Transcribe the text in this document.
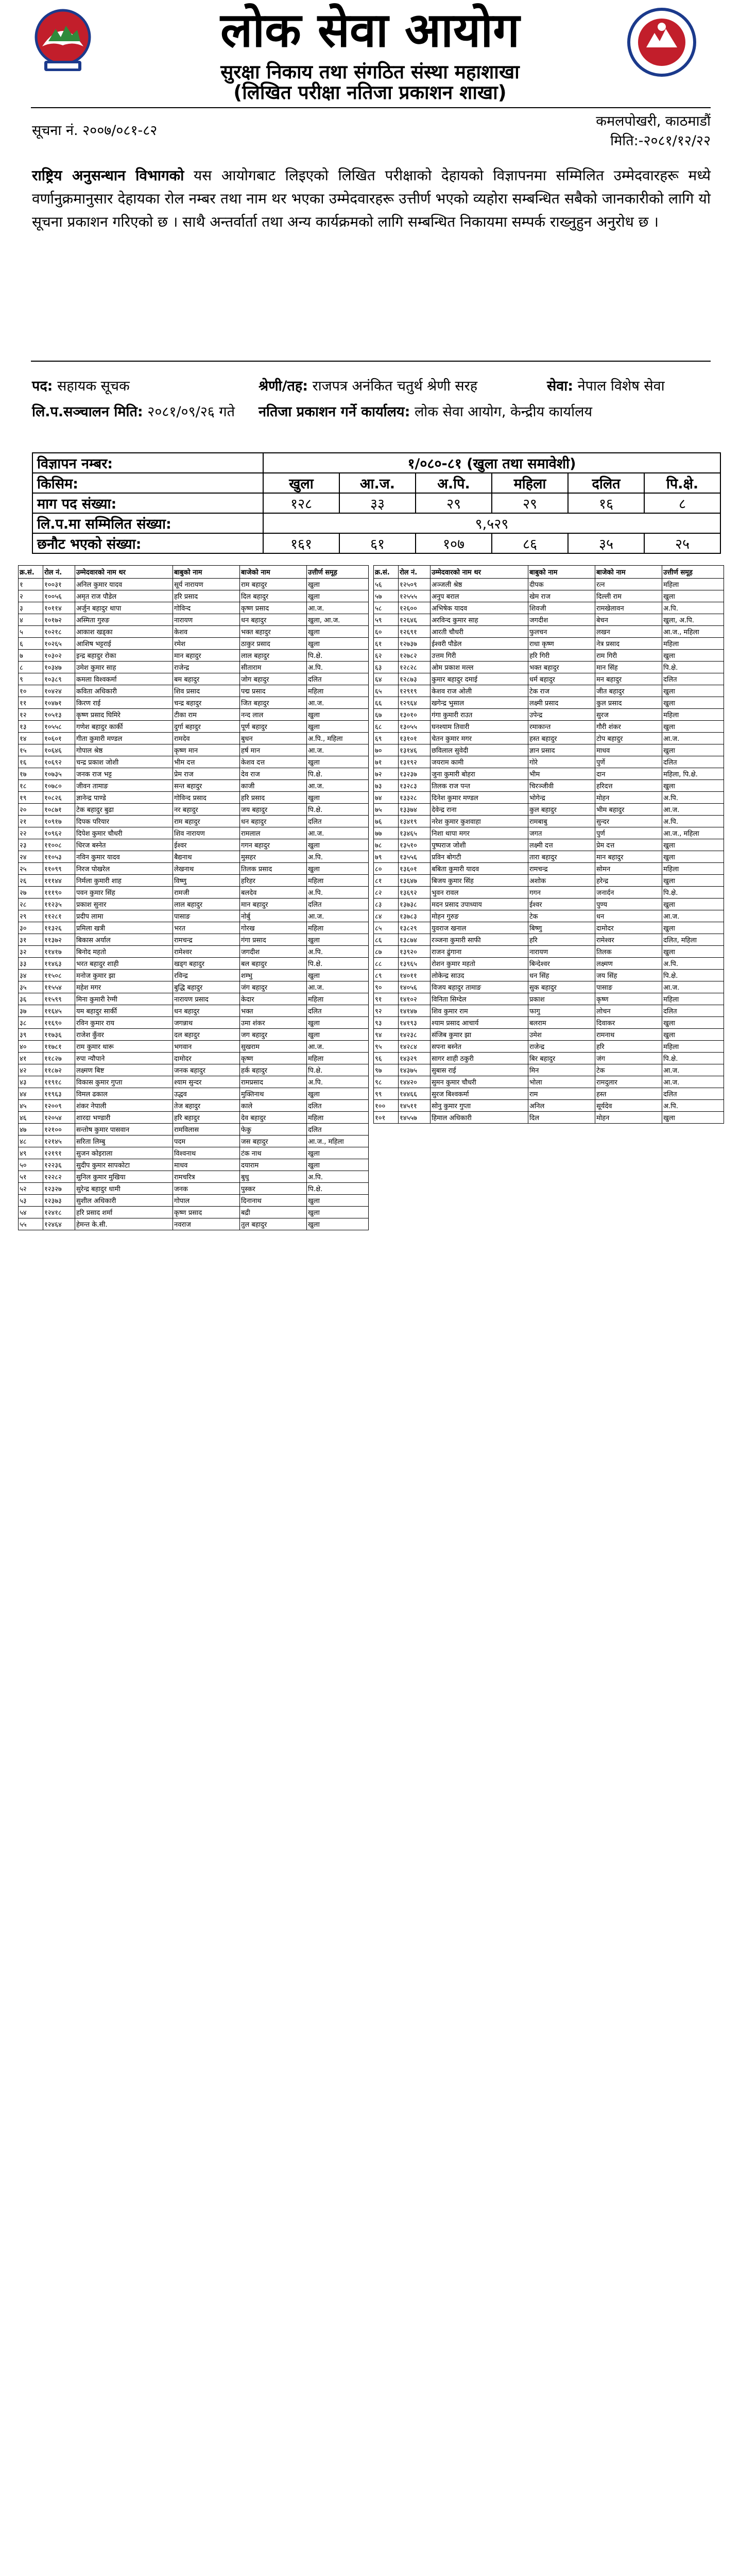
लोक सेवा आयोग
सुरक्षा निकाय तथा संगठित संस्था महाशाखा
(लिखित परीक्षा नतिजा प्रकाशन शाखा)
सूचना नं. २००७/०८१-८२
कमलपोखरी, काठमाडौं
मिति:-२०८१/१२/२२
राष्ट्रिय अनुसन्धान विभागको यस आयोगबाट लिइएको लिखित परीक्षाको देहायको विज्ञापनमा सम्मिलित उम्मेदवारहरू मध्ये वर्णानुक्रमानुसार देहायका रोल नम्बर तथा नाम थर भएका उम्मेदवारहरू उत्तीर्ण भएको व्यहोरा सम्बन्धित सबैको जानकारीको लागि यो सूचना प्रकाशन गरिएको छ । साथै अन्तर्वार्ता तथा अन्य कार्यक्रमको लागि सम्बन्धित निकायमा सम्पर्क राख्नुहुन अनुरोध छ ।
पद: सहायक सूचक	श्रेणी/तह: राजपत्र अनंकित चतुर्थ श्रेणी सरह	सेवा: नेपाल विशेष सेवा
लि.प.सञ्चालन मिति: २०८१/०९/२६ गते नतिजा प्रकाशन गर्ने कार्यालय: लोक सेवा आयोग, केन्द्रीय कार्यालय
विज्ञापन नम्बर:	१/०८०-८१ (खुला तथा समावेशी)					
किसिम:	खुला	आ.ज.	अ.पि.	महिला	दलित	पि.क्षे.
माग पद संख्या:	१२८	३३	२९	२९	१६	८
लि.प.मा सम्मिलित संख्या:	९,५२९					
छनौट भएको संख्या:	१६१	६१	१०७	८६	३५	२५
क्र.सं.	रोल नं.	उम्मेदवारको नाम थर	बाबुको नाम	बाजेको नाम	उत्तीर्ण समूह
१	१००३१	अनिल कुमार यादव	सूर्य नारायण	राम बहादुर	खुला
२	१००५६	अमृत राज पौडेल	हरि प्रसाद	दिल बहादुर	खुला
३	१०११४	अर्जुन बहादुर थापा	गोविन्द	कृष्ण प्रसाद	आ.ज.
४	१०१७२	अस्मिता गुरुङ	नारायण	धन बहादुर	खुला, आ.ज.
५	१०२१८	आकाश खड्का	केशव	भक्त बहादुर	खुला
६	१०२६५	आशिष भट्टराई	रमेश	ठाकुर प्रसाद	खुला
७	१०३०२	इन्द्र बहादुर रोका	मान बहादुर	लाल बहादुर	पि.क्षे.
८	१०३४७	उमेश कुमार साह	राजेन्द्र	सीताराम	अ.पि.
९	१०३८९	कमला विश्वकर्मा	बम बहादुर	जोग बहादुर	दलित
१०	१०४२४	कविता अधिकारी	शिव प्रसाद	पद्म प्रसाद	महिला
११	१०४७१	किरण राई	चन्द्र बहादुर	जित बहादुर	आ.ज.
१२	१०५१३	कृष्ण प्रसाद घिमिरे	टीका राम	नन्द लाल	खुला
१३	१०५५८	गणेश बहादुर कार्की	दुर्गा बहादुर	पूर्ण बहादुर	खुला
१४	१०६०१	गीता कुमारी मण्डल	रामदेव	बुधन	अ.पि., महिला
१५	१०६४६	गोपाल श्रेष्ठ	कृष्ण मान	हर्ष मान	आ.ज.
१६	१०६९२	चन्द्र प्रकाश जोशी	भीम दत्त	केशव दत्त	खुला
१७	१०७३५	जनक राज भट्ट	प्रेम राज	देव राज	पि.क्षे.
१८	१०७८०	जीवन तामाङ	सन्त बहादुर	काजी	आ.ज.
१९	१०८२६	ज्ञानेन्द्र पाण्डे	गोविन्द प्रसाद	हरि प्रसाद	खुला
२०	१०८७१	टेक बहादुर बुढा	नर बहादुर	जय बहादुर	पि.क्षे.
२१	१०९१७	दिपक परियार	राम बहादुर	धन बहादुर	दलित
२२	१०९६२	दिपेश कुमार चौधरी	शिव नारायण	रामलाल	आ.ज.
२३	११००८	धिरज बस्नेत	ईश्वर	गगन बहादुर	खुला
२४	११०५३	नविन कुमार यादव	बैद्यनाथ	मुसहर	अ.पि.
२५	११०९९	निरज पोखरेल	लेखनाथ	तिलक प्रसाद	खुला
२६	१११४४	निर्मला कुमारी शाह	विष्णु	हरिहर	महिला
२७	१११९०	पवन कुमार सिंह	रामजी	बलदेव	अ.पि.
२८	११२३५	प्रकाश सुनार	लाल बहादुर	मान बहादुर	दलित
२९	११२८१	प्रदीप लामा	पासाङ	नोर्बु	आ.ज.
३०	११३२६	प्रमिला खत्री	भरत	गोरख	महिला
३१	११३७२	बिकास अर्याल	रामचन्द्र	गंगा प्रसाद	खुला
३२	११४१७	बिनोद महतो	रामेश्वर	जगदीश	अ.पि.
३३	११४६३	भरत बहादुर शाही	खड्ग बहादुर	बल बहादुर	पि.क्षे.
३४	११५०८	मनोज कुमार झा	रविन्द्र	शम्भु	खुला
३५	११५५४	महेश मगर	बुद्धि बहादुर	जंग बहादुर	आ.ज.
३६	११५९९	मिना कुमारी रेग्मी	नारायण प्रसाद	केदार	महिला
३७	११६४५	यम बहादुर सार्की	धन बहादुर	भक्त	दलित
३८	११६९०	रविन कुमार राय	जगन्नाथ	उमा शंकर	खुला
३९	११७३६	राजेश कुँवर	दल बहादुर	जग बहादुर	खुला
४०	११७८१	राम कुमार थारू	भगवान	सुखराम	आ.ज.
४१	११८२७	रुपा न्यौपाने	दामोदर	कृष्ण	महिला
४२	११८७२	लक्ष्मण बिष्ट	जनक बहादुर	हर्क बहादुर	पि.क्षे.
४३	११९१८	विकास कुमार गुप्ता	श्याम सुन्दर	रामप्रसाद	अ.पि.
४४	११९६३	विमल ढकाल	उद्धव	मुक्तिनाथ	खुला
४५	१२००९	शंकर नेपाली	तेज बहादुर	काले	दलित
४६	१२०५४	शारदा भण्डारी	हरि बहादुर	देव बहादुर	महिला
४७	१२१००	सन्तोष कुमार पासवान	रामविलास	फेकु	दलित
४८	१२१४५	सरिता लिम्बु	पदम	जस बहादुर	आ.ज., महिला
४९	१२१९१	सुजन कोइराला	विश्वनाथ	टंक नाथ	खुला
५०	१२२३६	सुदीप कुमार सापकोटा	माधव	दयाराम	खुला
५१	१२२८२	सुनिल कुमार मुखिया	रामचरित्र	बुधु	अ.पि.
५२	१२३२७	सुरेन्द्र बहादुर धामी	जनक	पुस्कर	पि.क्षे.
५३	१२३७३	सुशील अधिकारी	गोपाल	दिनानाथ	खुला
५४	१२४१८	हरि प्रसाद शर्मा	कृष्ण प्रसाद	बद्री	खुला
५५	१२४६४	हेमन्त के.सी.	नवराज	तुल बहादुर	खुला
क्र.सं.	रोल नं.	उम्मेदवारको नाम थर	बाबुको नाम	बाजेको नाम	उत्तीर्ण समूह
५६	१२५०९	अञ्जली श्रेष्ठ	दीपक	रत्न	महिला
५७	१२५५५	अनुप बराल	खेम राज	दिल्ली राम	खुला
५८	१२६००	अभिषेक यादव	शिवजी	रामखेलावन	अ.पि.
५९	१२६४६	अरविन्द कुमार साह	जगदीश	बेचन	खुला, अ.पि.
६०	१२६९१	आरती चौधरी	फुलचन	लखन	आ.ज., महिला
६१	१२७३७	ईश्वरी पौडेल	राधा कृष्ण	नेत्र प्रसाद	महिला
६२	१२७८२	उत्तम गिरी	हरि गिरी	राम गिरी	खुला
६३	१२८२८	ओम प्रकाश मल्ल	भक्त बहादुर	मान सिंह	पि.क्षे.
६४	१२८७३	कुमार बहादुर दमाई	धर्म बहादुर	मन बहादुर	दलित
६५	१२९१९	केशव राज ओली	टेक राज	जीत बहादुर	खुला
६६	१२९६४	खगेन्द्र भुसाल	लक्ष्मी प्रसाद	कुल प्रसाद	खुला
६७	१३०१०	गंगा कुमारी राउत	उपेन्द्र	सुरज	महिला
६८	१३०५५	घनश्याम तिवारी	रमाकान्त	गौरी शंकर	खुला
६९	१३१०१	चेतन कुमार मगर	हस्त बहादुर	टोप बहादुर	आ.ज.
७०	१३१४६	छविलाल सुवेदी	ज्ञान प्रसाद	माधव	खुला
७१	१३१९२	जयराम कामी	गोरे	पुर्णे	दलित
७२	१३२३७	जुना कुमारी बोहरा	भीम	दान	महिला, पि.क्षे.
७३	१३२८३	तिलक राज पन्त	चिरञ्जीवी	हरिदत्त	खुला
७४	१३३२८	दिनेश कुमार मण्डल	भोगेन्द्र	मोहन	अ.पि.
७५	१३३७४	देवेन्द्र राना	कुल बहादुर	भीम बहादुर	आ.ज.
७६	१३४१९	नरेश कुमार कुशवाहा	रामबाबु	सुन्दर	अ.पि.
७७	१३४६५	निशा थापा मगर	जगत	पुर्ण	आ.ज., महिला
७८	१३५१०	पुष्पराज जोशी	लक्ष्मी दत्त	प्रेम दत्त	खुला
७९	१३५५६	प्रविन बोगटी	तारा बहादुर	मान बहादुर	खुला
८०	१३६०१	बबिता कुमारी यादव	रामचन्द्र	सोमन	महिला
८१	१३६४७	बिजय कुमार सिंह	अशोक	हरेन्द्र	खुला
८२	१३६९२	भुवन रावल	गगन	जनार्दन	पि.क्षे.
८३	१३७३८	मदन प्रसाद उपाध्याय	ईश्वर	पुण्य	खुला
८४	१३७८३	मोहन गुरुङ	टेक	धन	आ.ज.
८५	१३८२९	युवराज खनाल	बिष्णु	दामोदर	खुला
८६	१३८७४	रञ्जना कुमारी साफी	हरि	रामेश्वर	दलित, महिला
८७	१३९२०	राजन ढुंगाना	नारायण	तिलक	खुला
८८	१३९६५	रोशन कुमार महतो	बिन्देश्वर	लक्ष्मण	अ.पि.
८९	१४०११	लोकेन्द्र साउद	धन सिंह	जय सिंह	पि.क्षे.
९०	१४०५६	विजय बहादुर तामाङ	सुक बहादुर	पासाङ	आ.ज.
९१	१४१०२	विनिता सिग्देल	प्रकाश	कृष्ण	महिला
९२	१४१४७	शिव कुमार राम	फागु	लोचन	दलित
९३	१४१९३	श्याम प्रसाद आचार्य	बलराम	दिवाकर	खुला
९४	१४२३८	संजिब कुमार झा	उमेश	रामनाथ	खुला
९५	१४२८४	सपना बस्नेत	राजेन्द्र	हरि	महिला
९६	१४३२९	सागर शाही ठकुरी	बिर बहादुर	जंग	पि.क्षे.
९७	१४३७५	सुबास राई	मिन	टेक	आ.ज.
९८	१४४२०	सुमन कुमार चौधरी	भोला	रामदुलार	आ.ज.
९९	१४४६६	सुरज बिश्वकर्मा	राम	हस्त	दलित
१००	१४५११	सोनु कुमार गुप्ता	अनिल	सूर्यदेव	अ.पि.
१०१	१४५५७	हिमाल अधिकारी	दिल	मोहन	खुला
